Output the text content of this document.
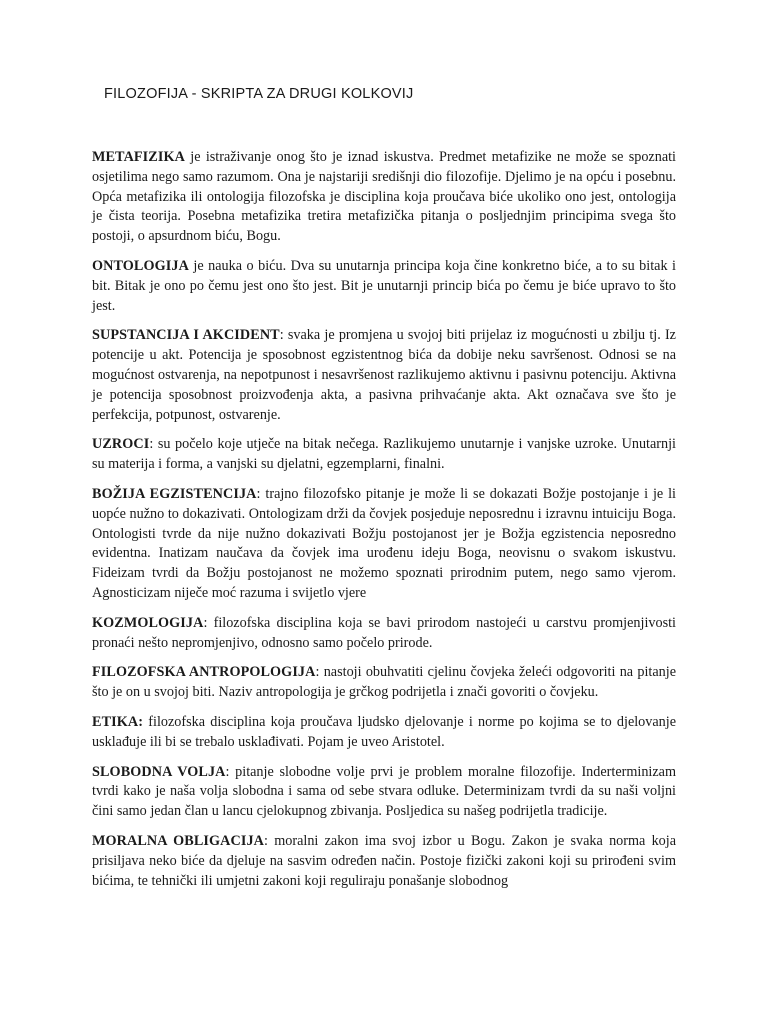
FILOZOFIJA - SKRIPTA ZA DRUGI KOLKOVIJ

METAFIZIKA je istraživanje onog što je iznad iskustva. Predmet metafizike ne može se spoznati osjetilima nego samo razumom. Ona je najstariji središnji dio filozofije. Djelimo je na opću i posebnu. Opća metafizika ili ontologija filozofska je disciplina koja proučava biće ukoliko ono jest, ontologija je čista teorija. Posebna metafizika tretira metafizička pitanja o posljednjim principima svega što postoji, o apsurdnom biću, Bogu.

ONTOLOGIJA je nauka o biću. Dva su unutarnja principa koja čine konkretno biće, a to su bitak i bit. Bitak je ono po čemu jest ono što jest. Bit je unutarnji princip bića po čemu je biće upravo to što jest.

SUPSTANCIJA I AKCIDENT: svaka je promjena u svojoj biti prijelaz iz mogućnosti u zbilju tj. Iz potencije u akt. Potencija je sposobnost egzistentnog bića da dobije neku savršenost. Odnosi se na mogućnost ostvarenja, na nepotpunost i nesavršenost razlikujemo aktivnu i pasivnu potenciju. Aktivna je potencija sposobnost proizvođenja akta, a pasivna prihvaćanje akta. Akt označava sve što je perfekcija, potpunost, ostvarenje.

UZROCI: su počelo koje utječe na bitak nečega. Razlikujemo unutarnje i vanjske uzroke. Unutarnji su materija i forma, a vanjski su djelatni, egzemplarni, finalni.

BOŽIJA EGZISTENCIJA: trajno filozofsko pitanje je može li se dokazati Božje postojanje i je li uopće nužno to dokazivati. Ontologizam drži da čovjek posjeduje neposrednu i izravnu intuiciju Boga. Ontologisti tvrde da nije nužno dokazivati Božju postojanost jer je Božja egzistencia neposredno evidentna. Inatizam naučava da čovjek ima urođenu ideju Boga, neovisnu o svakom iskustvu. Fideizam tvrdi da Božju postojanost ne možemo spoznati prirodnim putem, nego samo vjerom. Agnosticizam niječe moć razuma i svijetlo vjere

KOZMOLOGIJA: filozofska disciplina koja se bavi prirodom nastojeći u carstvu promjenjivosti pronaći nešto nepromjenjivo, odnosno samo počelo prirode.

FILOZOFSKA ANTROPOLOGIJA: nastoji obuhvatiti cjelinu čovjeka želeći odgovoriti na pitanje što je on u svojoj biti. Naziv antropologija je grčkog podrijetla i znači govoriti o čovjeku.

ETIKA: filozofska disciplina koja proučava ljudsko djelovanje i norme po kojima se to djelovanje usklađuje ili bi se trebalo usklađivati. Pojam je uveo Aristotel.

SLOBODNA VOLJA: pitanje slobodne volje prvi je problem moralne filozofije. Inderterminizam tvrdi kako je naša volja slobodna i sama od sebe stvara odluke. Determinizam tvrdi da su naši voljni čini samo jedan član u lancu cjelokupnog zbivanja. Posljedica su našeg podrijetla tradicije.

MORALNA OBLIGACIJA: moralni zakon ima svoj izbor u Bogu. Zakon je svaka norma koja prisiljava neko biće da djeluje na sasvim određen način. Postoje fizički zakoni koji su prirođeni svim bićima, te tehnički ili umjetni zakoni koji reguliraju ponašanje slobodnog
